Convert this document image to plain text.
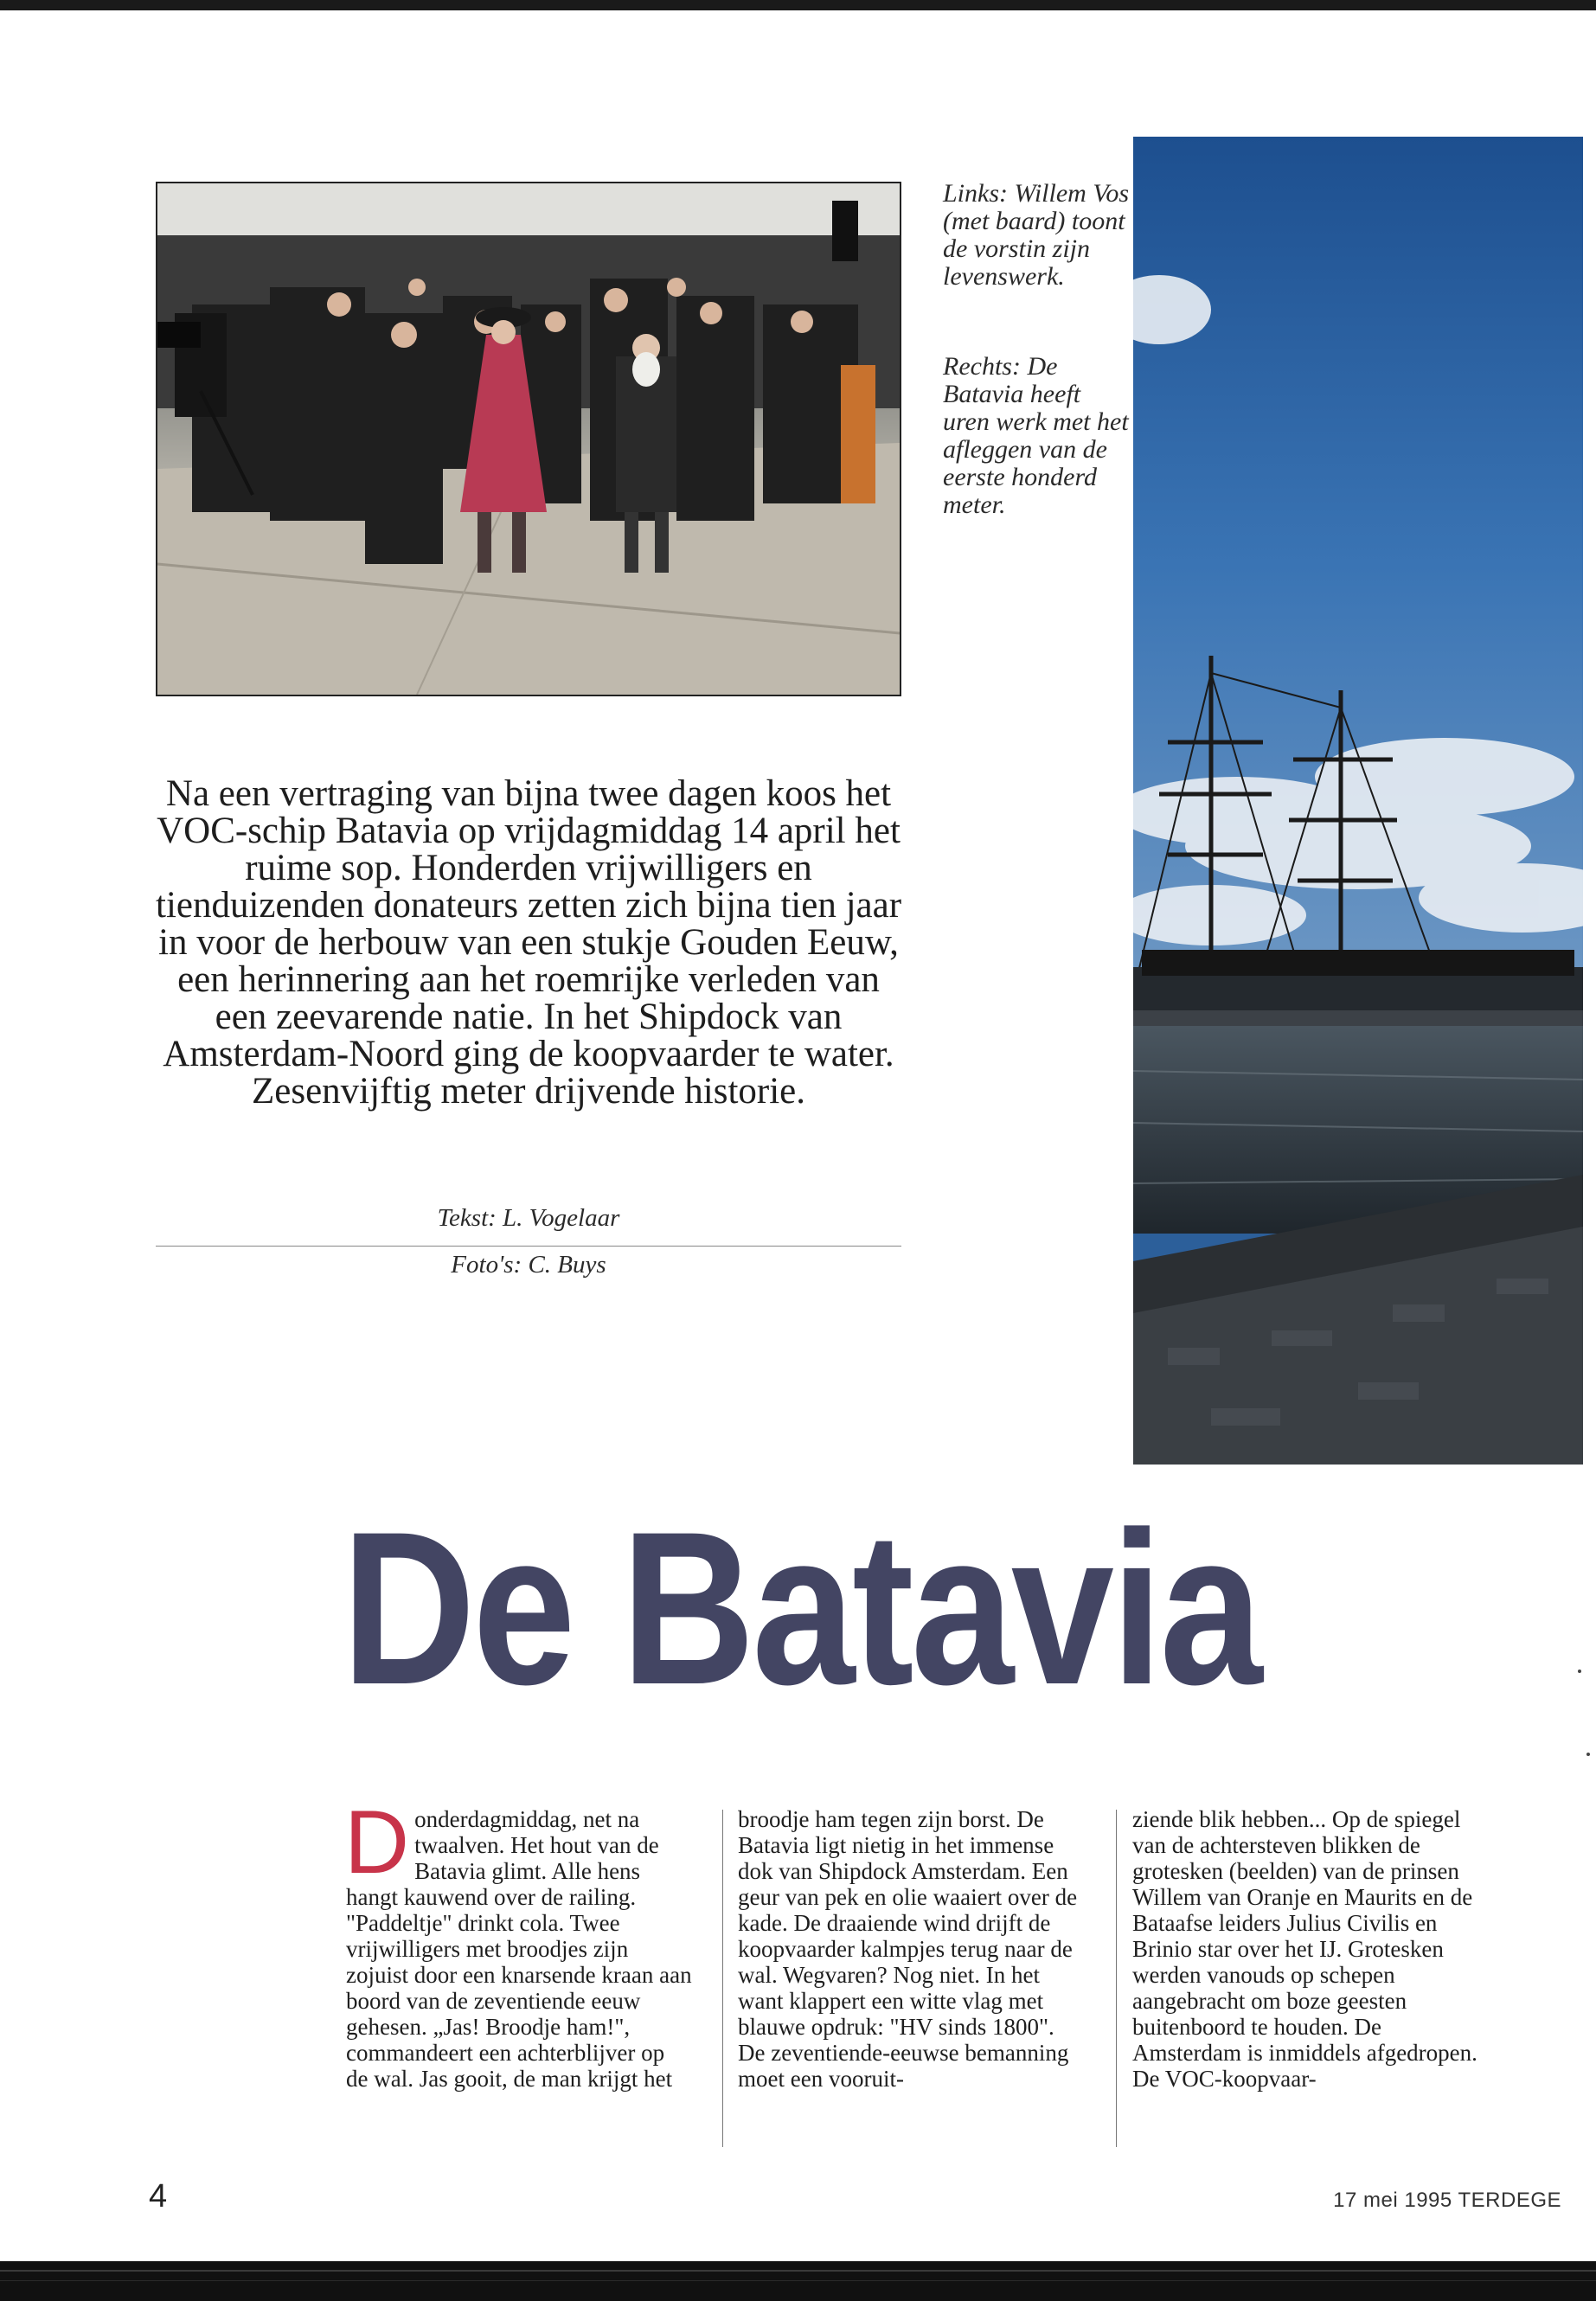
Links: Willem Vos (met baard) toont de vorstin zijn levenswerk.
Rechts: De Batavia heeft uren werk met het afleggen van de eerste honderd meter.
Na een vertraging van bijna twee dagen koos het VOC-schip Batavia op vrijdagmiddag 14 april het ruime sop. Honderden vrijwilligers en tienduizenden donateurs zetten zich bijna tien jaar in voor de herbouw van een stukje Gouden Eeuw, een herinnering aan het roemrijke verleden van een zeevarende natie. In het Shipdock van Amsterdam-Noord ging de koopvaarder te water. Zesenvijftig meter drijvende historie.
Tekst: L. Vogelaar
Foto's: C. Buys
De Batavia
D onderdagmiddag, net na twaalven. Het hout van de Batavia glimt. Alle hens hangt kauwend over de railing. "Paddeltje" drinkt cola. Twee vrijwilligers met broodjes zijn zojuist door een knarsende kraan aan boord van de zeventiende eeuw gehesen. „Jas! Broodje ham!", commandeert een achterblijver op de wal. Jas gooit, de man krijgt het

broodje ham tegen zijn borst. De Batavia ligt nietig in het immense dok van Shipdock Amsterdam. Een geur van pek en olie waaiert over de kade. De draaiende wind drijft de koopvaarder kalmpjes terug naar de wal. Wegvaren? Nog niet. In het want klappert een witte vlag met blauwe opdruk: "HV sinds 1800". De zeventiende-eeuwse bemanning moet een vooruit-

ziende blik hebben... Op de spiegel van de achtersteven blikken de grotesken (beelden) van de prinsen Willem van Oranje en Maurits en de Bataafse leiders Julius Civilis en Brinio star over het IJ. Grotesken werden vanouds op schepen aangebracht om boze geesten buitenboord te houden. De Amsterdam is inmiddels afgedropen. De VOC-koopvaar-

4	17 mei 1995 TERDEGE
